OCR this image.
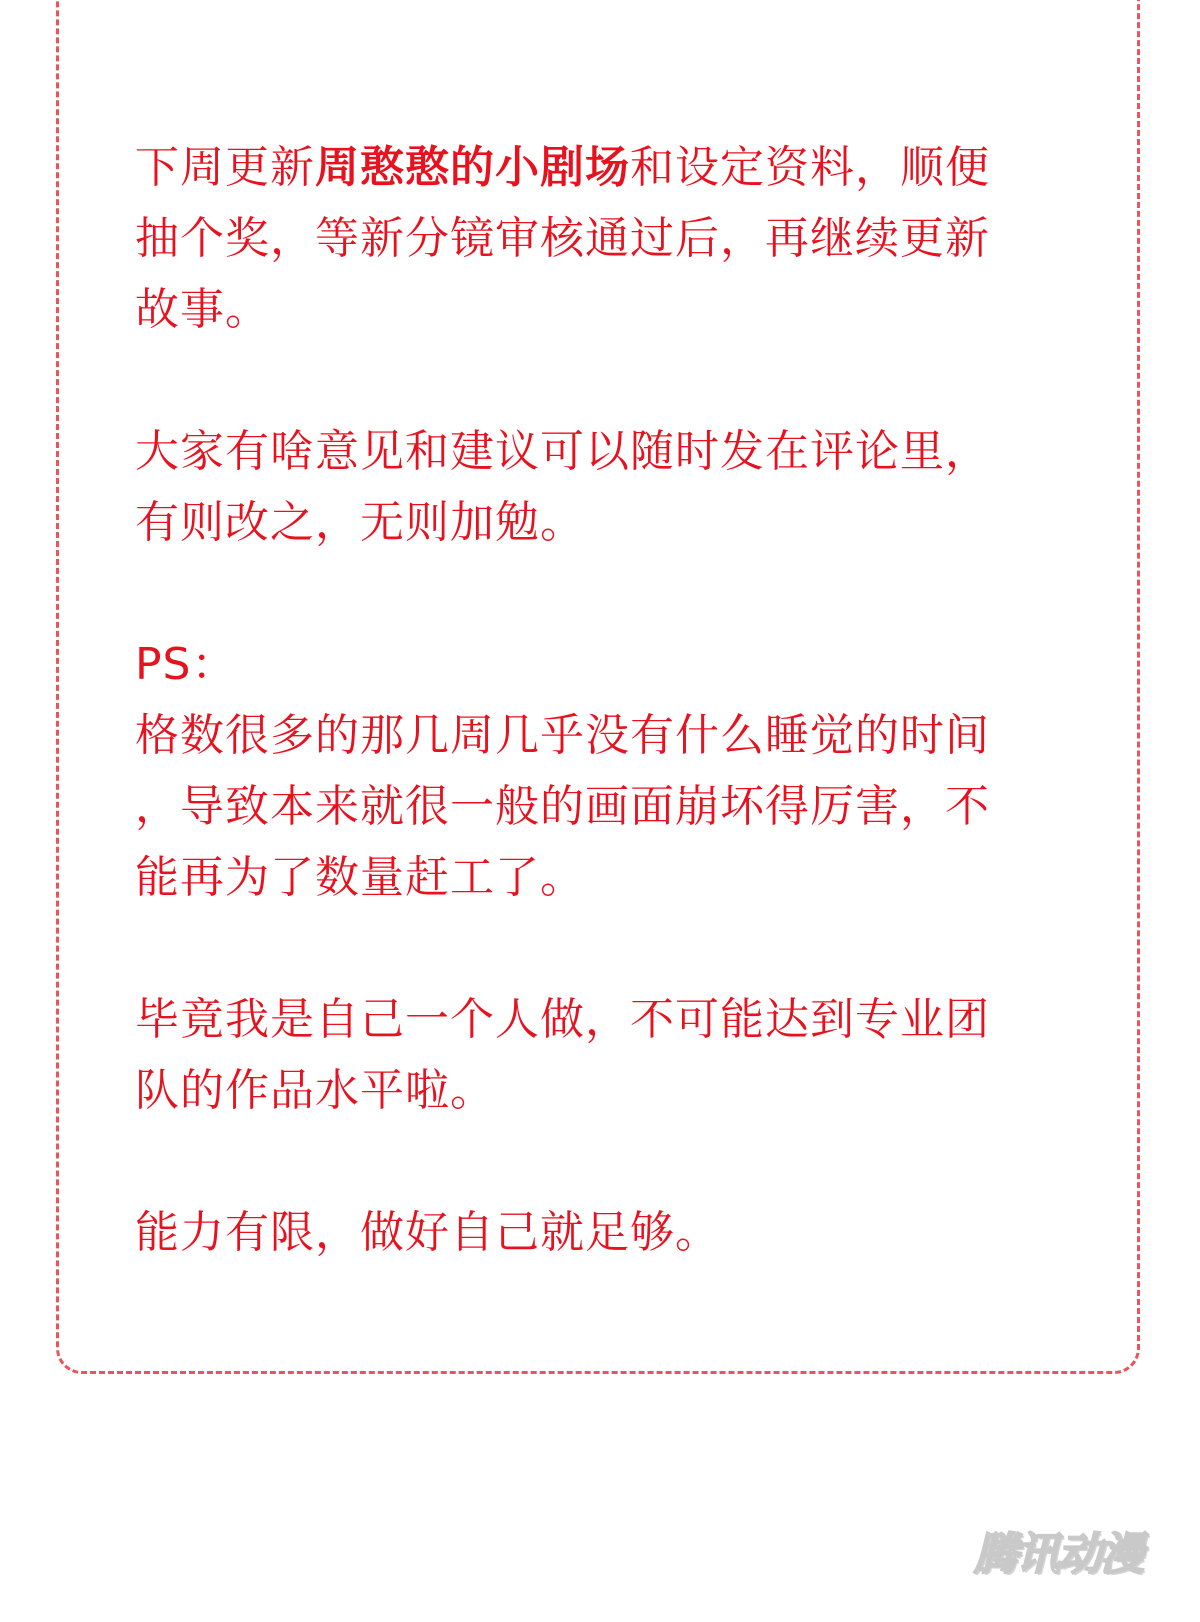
下周更新周憨憨的小剧场和设定资料，顺便
抽个奖，等新分镜审核通过后，再继续更新
故事。

大家有啥意见和建议可以随时发在评论里，
有则改之，无则加勉。

PS：
格数很多的那几周几乎没有什么睡觉的时间
，导致本来就很一般的画面崩坏得厉害，不
能再为了数量赶工了。

毕竟我是自己一个人做，不可能达到专业团
队的作品水平啦。

能力有限，做好自己就足够。

腾讯动漫
